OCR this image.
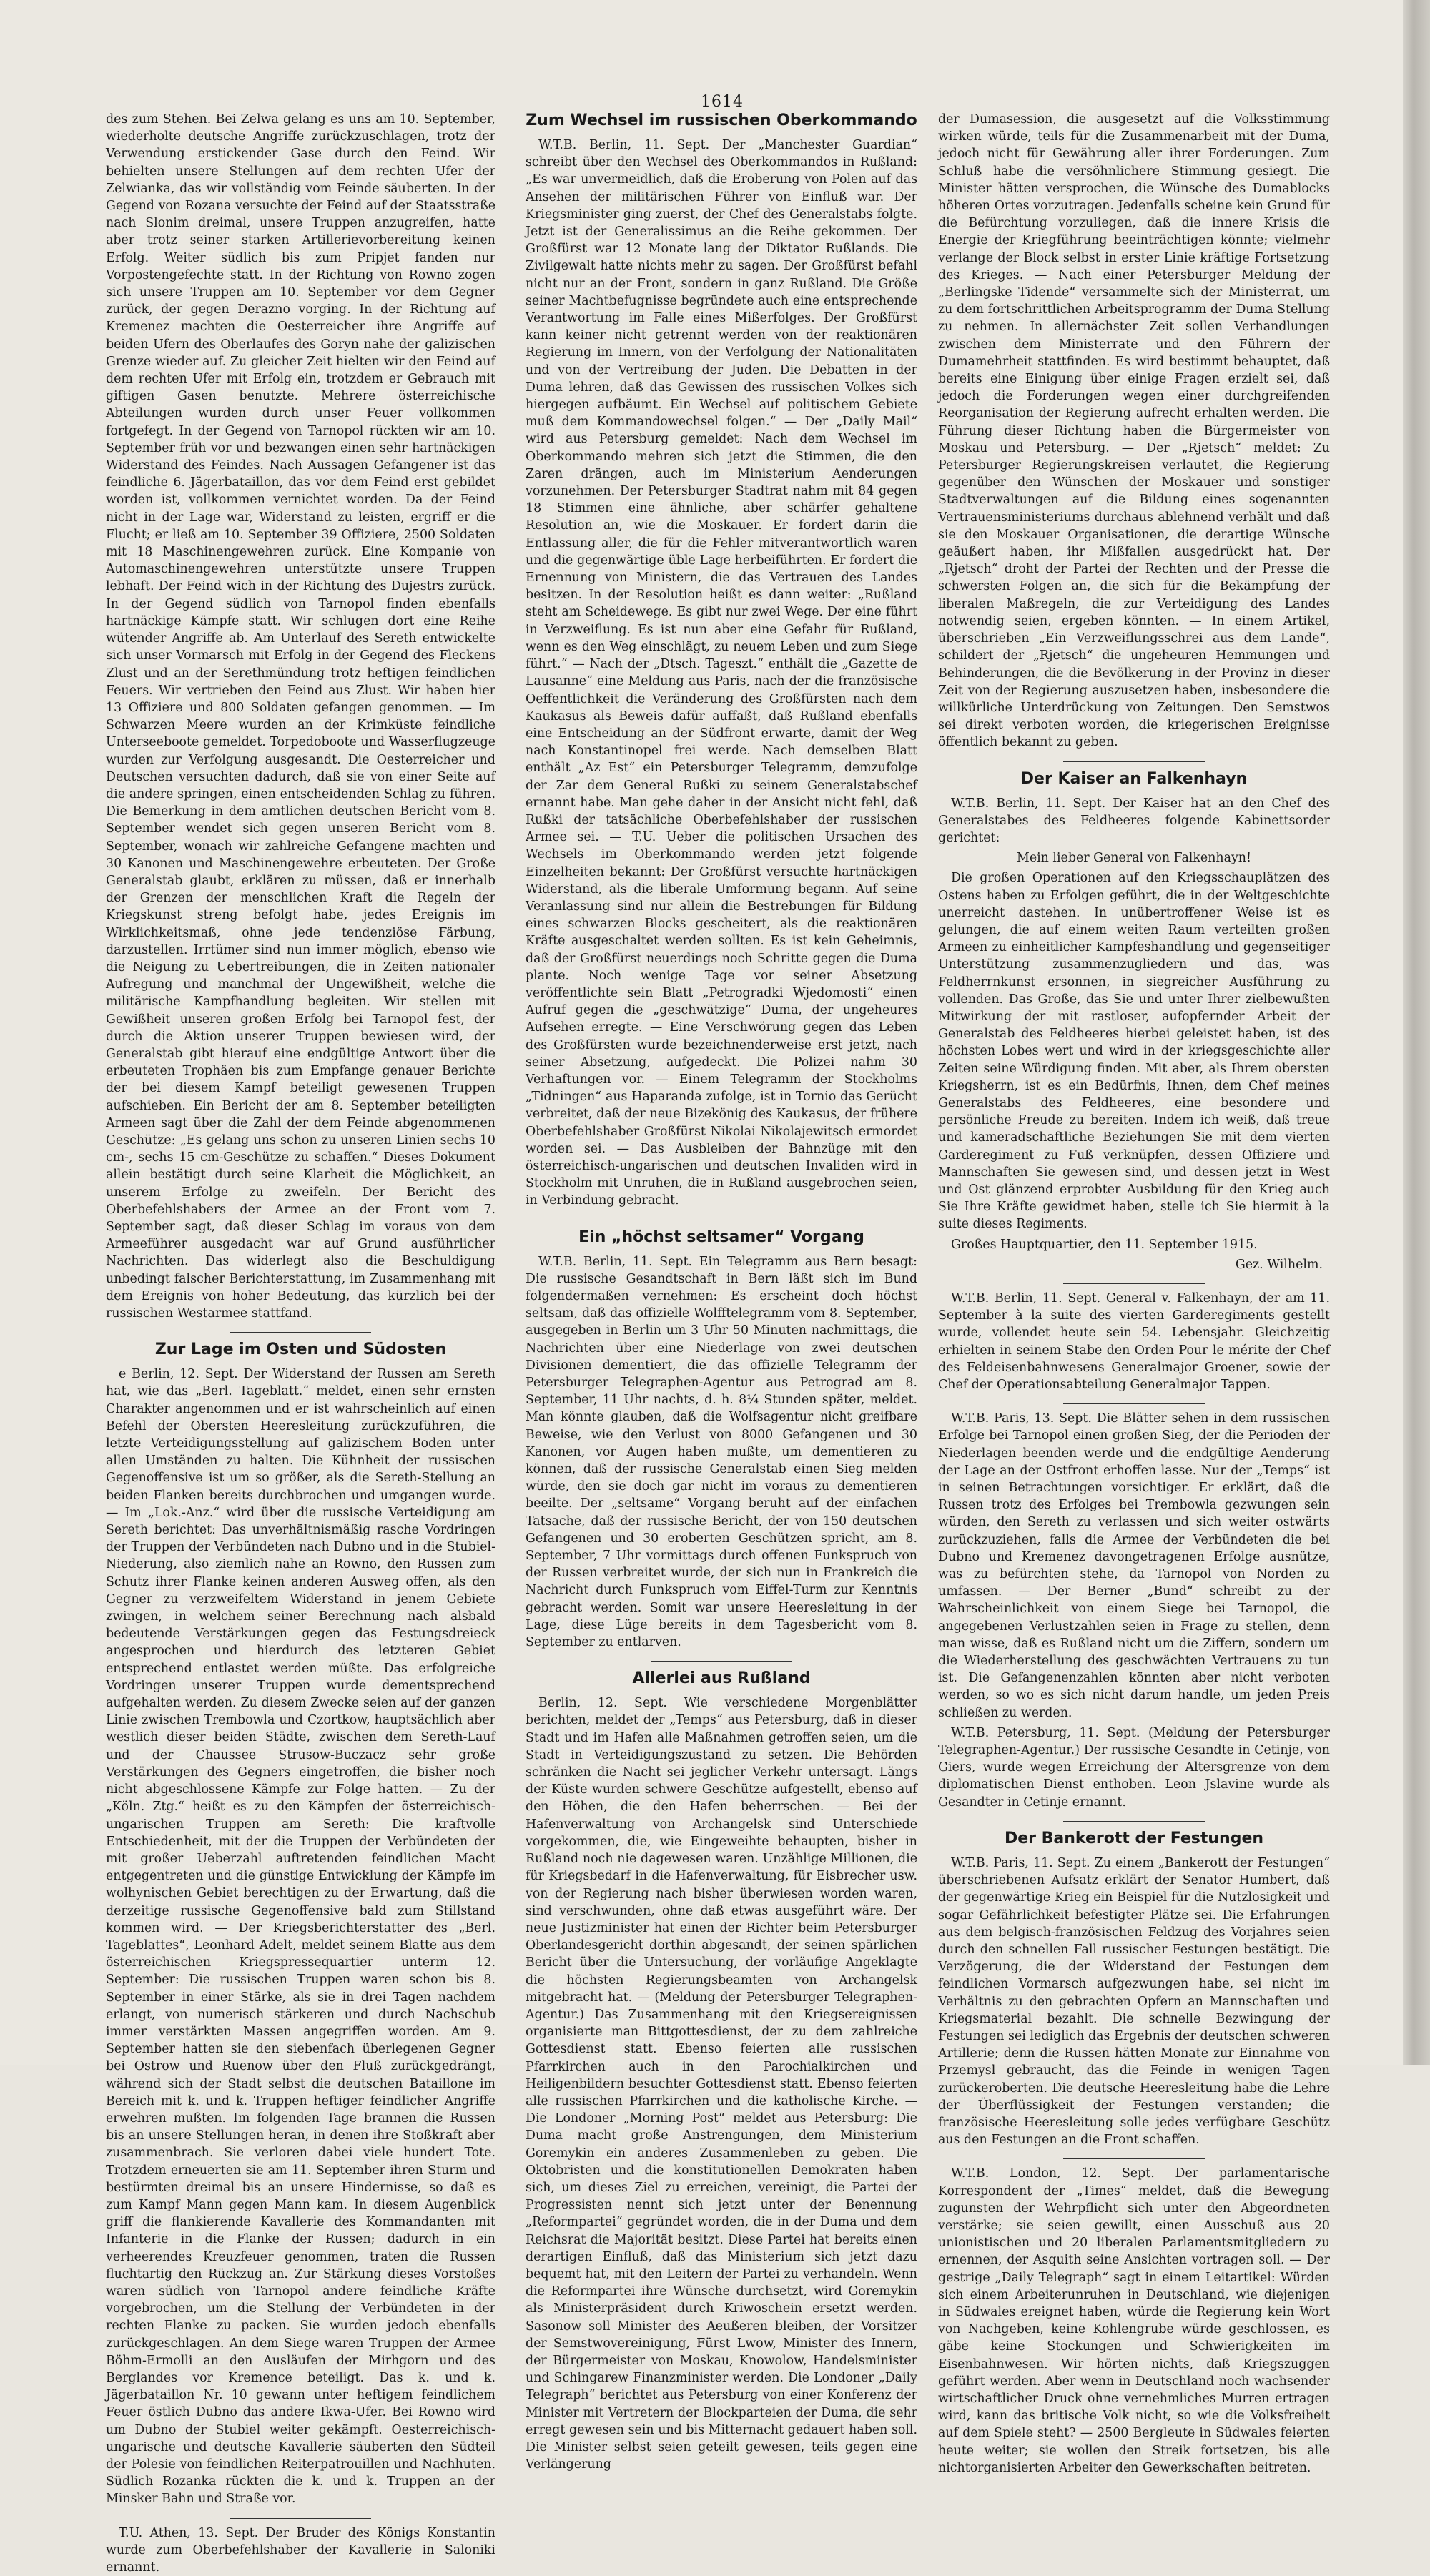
1614

des zum Stehen. Bei Zelwa gelang es uns am 10. September, wiederholte deutsche Angriffe zurückzuschlagen, trotz der Verwendung erstickender Gase durch den Feind. Wir behielten unsere Stellungen auf dem rechten Ufer der Zelwianka, das wir vollständig vom Feinde säuberten. In der Gegend von Rozana versuchte der Feind auf der Staatsstraße nach Slonim dreimal, unsere Truppen anzugreifen, hatte aber trotz seiner starken Artillerievorbereitung keinen Erfolg. Weiter südlich bis zum Pripjet fanden nur Vorpostengefechte statt. In der Richtung von Rowno zogen sich unsere Truppen am 10. September vor dem Gegner zurück, der gegen Derazno vorging. In der Richtung auf Kremenez machten die Oesterreicher ihre Angriffe auf beiden Ufern des Oberlaufes des Goryn nahe der galizischen Grenze wieder auf. Zu gleicher Zeit hielten wir den Feind auf dem rechten Ufer mit Erfolg ein, trotzdem er Gebrauch mit giftigen Gasen benutzte. Mehrere österreichische Abteilungen wurden durch unser Feuer vollkommen fortgefegt. In der Gegend von Tarnopol rückten wir am 10. September früh vor und bezwangen einen sehr hartnäckigen Widerstand des Feindes. Nach Aussagen Gefangener ist das feindliche 6. Jägerbataillon, das vor dem Feind erst gebildet worden ist, vollkommen vernichtet worden. Da der Feind nicht in der Lage war, Widerstand zu leisten, ergriff er die Flucht; er ließ am 10. September 39 Offiziere, 2500 Soldaten mit 18 Maschinengewehren zurück. Eine Kompanie von Automaschinengewehren unterstützte unsere Truppen lebhaft. Der Feind wich in der Richtung des Dujestrs zurück. In der Gegend südlich von Tarnopol finden ebenfalls hartnäckige Kämpfe statt. Wir schlugen dort eine Reihe wütender Angriffe ab. Am Unterlauf des Sereth entwickelte sich unser Vormarsch mit Erfolg in der Gegend des Fleckens Zlust und an der Serethmündung trotz heftigen feindlichen Feuers. Wir vertrieben den Feind aus Zlust. Wir haben hier 13 Offiziere und 800 Soldaten gefangen genommen. — Im Schwarzen Meere wurden an der Krimküste feindliche Unterseeboote gemeldet. Torpedoboote und Wasserflugzeuge wurden zur Verfolgung ausgesandt. Die Oesterreicher und Deutschen versuchten dadurch, daß sie von einer Seite auf die andere springen, einen entscheidenden Schlag zu führen. Die Bemerkung in dem amtlichen deutschen Bericht vom 8. September wendet sich gegen unseren Bericht vom 8. September, wonach wir zahlreiche Gefangene machten und 30 Kanonen und Maschinengewehre erbeuteten. Der Große Generalstab glaubt, erklären zu müssen, daß er innerhalb der Grenzen der menschlichen Kraft die Regeln der Kriegskunst streng befolgt habe, jedes Ereignis im Wirklichkeitsmaß, ohne jede tendenziöse Färbung, darzustellen. Irrtümer sind nun immer möglich, ebenso wie die Neigung zu Uebertreibungen, die in Zeiten nationaler Aufregung und manchmal der Ungewißheit, welche die militärische Kampfhandlung begleiten. Wir stellen mit Gewißheit unseren großen Erfolg bei Tarnopol fest, der durch die Aktion unserer Truppen bewiesen wird, der Generalstab gibt hierauf eine endgültige Antwort über die erbeuteten Trophäen bis zum Empfange genauer Berichte der bei diesem Kampf beteiligt gewesenen Truppen aufschieben. Ein Bericht der am 8. September beteiligten Armeen sagt über die Zahl der dem Feinde abgenommenen Geschütze: „Es gelang uns schon zu unseren Linien sechs 10 cm-, sechs 15 cm-Geschütze zu schaffen.“ Dieses Dokument allein bestätigt durch seine Klarheit die Möglichkeit, an unserem Erfolge zu zweifeln. Der Bericht des Oberbefehlshabers der Armee an der Front vom 7. September sagt, daß dieser Schlag im voraus von dem Armeeführer ausgedacht war auf Grund ausführlicher Nachrichten. Das widerlegt also die Beschuldigung unbedingt falscher Berichterstattung, im Zusammenhang mit dem Ereignis von hoher Bedeutung, das kürzlich bei der russischen Westarmee stattfand.

Zur Lage im Osten und Südosten

e Berlin, 12. Sept. Der Widerstand der Russen am Sereth hat, wie das „Berl. Tageblatt.“ meldet, einen sehr ernsten Charakter angenommen und er ist wahrscheinlich auf einen Befehl der Obersten Heeresleitung zurückzuführen, die letzte Verteidigungsstellung auf galizischem Boden unter allen Umständen zu halten. Die Kühnheit der russischen Gegenoffensive ist um so größer, als die Sereth-Stellung an beiden Flanken bereits durchbrochen und umgangen wurde. — Im „Lok.-Anz.“ wird über die russische Verteidigung am Sereth berichtet: Das unverhältnismäßig rasche Vordringen der Truppen der Verbündeten nach Dubno und in die Stubiel-Niederung, also ziemlich nahe an Rowno, den Russen zum Schutz ihrer Flanke keinen anderen Ausweg offen, als den Gegner zu verzweifeltem Widerstand in jenem Gebiete zwingen, in welchem seiner Berechnung nach alsbald bedeutende Verstärkungen gegen das Festungsdreieck angesprochen und hierdurch des letzteren Gebiet entsprechend entlastet werden müßte. Das erfolgreiche Vordringen unserer Truppen wurde dementsprechend aufgehalten werden. Zu diesem Zwecke seien auf der ganzen Linie zwischen Trembowla und Czortkow, hauptsächlich aber westlich dieser beiden Städte, zwischen dem Sereth-Lauf und der Chaussee Strusow-Buczacz sehr große Verstärkungen des Gegners eingetroffen, die bisher noch nicht abgeschlossene Kämpfe zur Folge hatten. — Zu der „Köln. Ztg.“ heißt es zu den Kämpfen der österreichisch-ungarischen Truppen am Sereth: Die kraftvolle Entschiedenheit, mit der die Truppen der Verbündeten der mit großer Ueberzahl auftretenden feindlichen Macht entgegentreten und die günstige Entwicklung der Kämpfe im wolhynischen Gebiet berechtigen zu der Erwartung, daß die derzeitige russische Gegenoffensive bald zum Stillstand kommen wird. — Der Kriegsberichterstatter des „Berl. Tageblattes“, Leonhard Adelt, meldet seinem Blatte aus dem österreichischen Kriegspressequartier unterm 12. September: Die russischen Truppen waren schon bis 8. September in einer Stärke, als sie in drei Tagen nachdem erlangt, von numerisch stärkeren und durch Nachschub immer verstärkten Massen angegriffen worden. Am 9. September hatten sie den siebenfach überlegenen Gegner bei Ostrow und Ruenow über den Fluß zurückgedrängt, während sich der Stadt selbst die deutschen Bataillone im Bereich mit k. und k. Truppen heftiger feindlicher Angriffe erwehren mußten. Im folgenden Tage brannen die Russen bis an unsere Stellungen heran, in denen ihre Stoßkraft aber zusammenbrach. Sie verloren dabei viele hundert Tote. Trotzdem erneuerten sie am 11. September ihren Sturm und bestürmten dreimal bis an unsere Hindernisse, so daß es zum Kampf Mann gegen Mann kam. In diesem Augenblick griff die flankierende Kavallerie des Kommandanten mit Infanterie in die Flanke der Russen; dadurch in ein verheerendes Kreuzfeuer genommen, traten die Russen fluchtartig den Rückzug an. Zur Stärkung dieses Vorstoßes waren südlich von Tarnopol andere feindliche Kräfte vorgebrochen, um die Stellung der Verbündeten in der rechten Flanke zu packen. Sie wurden jedoch ebenfalls zurückgeschlagen. An dem Siege waren Truppen der Armee Böhm-Ermolli an den Ausläufen der Mirhgorn und des Berglandes vor Kremence beteiligt. Das k. und k. Jägerbataillon Nr. 10 gewann unter heftigem feindlichem Feuer östlich Dubno das andere Ikwa-Ufer. Bei Rowno wird um Dubno der Stubiel weiter gekämpft. Oesterreichisch-ungarische und deutsche Kavallerie säuberten den Südteil der Polesie von feindlichen Reiterpatrouillen und Nachhuten. Südlich Rozanka rückten die k. und k. Truppen an der Minsker Bahn und Straße vor.

T.U. Athen, 13. Sept. Der Bruder des Königs Konstantin wurde zum Oberbefehlshaber der Kavallerie in Saloniki ernannt.

Zum Wechsel im russischen Oberkommando

W.T.B. Berlin, 11. Sept. Der „Manchester Guardian“ schreibt über den Wechsel des Oberkommandos in Rußland: „Es war unvermeidlich, daß die Eroberung von Polen auf das Ansehen der militärischen Führer von Einfluß war. Der Kriegsminister ging zuerst, der Chef des Generalstabs folgte. Jetzt ist der Generalissimus an die Reihe gekommen. Der Großfürst war 12 Monate lang der Diktator Rußlands. Die Zivilgewalt hatte nichts mehr zu sagen. Der Großfürst befahl nicht nur an der Front, sondern in ganz Rußland. Die Größe seiner Machtbefugnisse begründete auch eine entsprechende Verantwortung im Falle eines Mißerfolges. Der Großfürst kann keiner nicht getrennt werden von der reaktionären Regierung im Innern, von der Verfolgung der Nationalitäten und von der Vertreibung der Juden. Die Debatten in der Duma lehren, daß das Gewissen des russischen Volkes sich hiergegen aufbäumt. Ein Wechsel auf politischem Gebiete muß dem Kommandowechsel folgen.“ — Der „Daily Mail“ wird aus Petersburg gemeldet: Nach dem Wechsel im Oberkommando mehren sich jetzt die Stimmen, die den Zaren drängen, auch im Ministerium Aenderungen vorzunehmen. Der Petersburger Stadtrat nahm mit 84 gegen 18 Stimmen eine ähnliche, aber schärfer gehaltene Resolution an, wie die Moskauer. Er fordert darin die Entlassung aller, die für die Fehler mitverantwortlich waren und die gegenwärtige üble Lage herbeiführten. Er fordert die Ernennung von Ministern, die das Vertrauen des Landes besitzen. In der Resolution heißt es dann weiter: „Rußland steht am Scheidewege. Es gibt nur zwei Wege. Der eine führt in Verzweiflung. Es ist nun aber eine Gefahr für Rußland, wenn es den Weg einschlägt, zu neuem Leben und zum Siege führt.“ — Nach der „Dtsch. Tageszt.“ enthält die „Gazette de Lausanne“ eine Meldung aus Paris, nach der die französische Oeffentlichkeit die Veränderung des Großfürsten nach dem Kaukasus als Beweis dafür auffaßt, daß Rußland ebenfalls eine Entscheidung an der Südfront erwarte, damit der Weg nach Konstantinopel frei werde. Nach demselben Blatt enthält „Az Est“ ein Petersburger Telegramm, demzufolge der Zar dem General Rußki zu seinem Generalstabschef ernannt habe. Man gehe daher in der Ansicht nicht fehl, daß Rußki der tatsächliche Oberbefehlshaber der russischen Armee sei. — T.U. Ueber die politischen Ursachen des Wechsels im Oberkommando werden jetzt folgende Einzelheiten bekannt: Der Großfürst versuchte hartnäckigen Widerstand, als die liberale Umformung begann. Auf seine Veranlassung sind nur allein die Bestrebungen für Bildung eines schwarzen Blocks gescheitert, als die reaktionären Kräfte ausgeschaltet werden sollten. Es ist kein Geheimnis, daß der Großfürst neuerdings noch Schritte gegen die Duma plante. Noch wenige Tage vor seiner Absetzung veröffentlichte sein Blatt „Petrogradki Wjedomosti“ einen Aufruf gegen die „geschwätzige“ Duma, der ungeheures Aufsehen erregte. — Eine Verschwörung gegen das Leben des Großfürsten wurde bezeichnenderweise erst jetzt, nach seiner Absetzung, aufgedeckt. Die Polizei nahm 30 Verhaftungen vor. — Einem Telegramm der Stockholms „Tidningen“ aus Haparanda zufolge, ist in Tornio das Gerücht verbreitet, daß der neue Bizekönig des Kaukasus, der frühere Oberbefehlshaber Großfürst Nikolai Nikolajewitsch ermordet worden sei. — Das Ausbleiben der Bahnzüge mit den österreichisch-ungarischen und deutschen Invaliden wird in Stockholm mit Unruhen, die in Rußland ausgebrochen seien, in Verbindung gebracht.

Ein „höchst seltsamer“ Vorgang

W.T.B. Berlin, 11. Sept. Ein Telegramm aus Bern besagt: Die russische Gesandtschaft in Bern läßt sich im Bund folgendermaßen vernehmen: Es erscheint doch höchst seltsam, daß das offizielle Wolfftelegramm vom 8. September, ausgegeben in Berlin um 3 Uhr 50 Minuten nachmittags, die Nachrichten über eine Niederlage von zwei deutschen Divisionen dementiert, die das offizielle Telegramm der Petersburger Telegraphen-Agentur aus Petrograd am 8. September, 11 Uhr nachts, d. h. 8¼ Stunden später, meldet. Man könnte glauben, daß die Wolfsagentur nicht greifbare Beweise, wie den Verlust von 8000 Gefangenen und 30 Kanonen, vor Augen haben mußte, um dementieren zu können, daß der russische Generalstab einen Sieg melden würde, den sie doch gar nicht im voraus zu dementieren beeilte. Der „seltsame“ Vorgang beruht auf der einfachen Tatsache, daß der russische Bericht, der von 150 deutschen Gefangenen und 30 eroberten Geschützen spricht, am 8. September, 7 Uhr vormittags durch offenen Funkspruch von der Russen verbreitet wurde, der sich nun in Frankreich die Nachricht durch Funkspruch vom Eiffel-Turm zur Kenntnis gebracht werden. Somit war unsere Heeresleitung in der Lage, diese Lüge bereits in dem Tagesbericht vom 8. September zu entlarven.

Allerlei aus Rußland

Berlin, 12. Sept. Wie verschiedene Morgenblätter berichten, meldet der „Temps“ aus Petersburg, daß in dieser Stadt und im Hafen alle Maßnahmen getroffen seien, um die Stadt in Verteidigungszustand zu setzen. Die Behörden schränken die Nacht sei jeglicher Verkehr untersagt. Längs der Küste wurden schwere Geschütze aufgestellt, ebenso auf den Höhen, die den Hafen beherrschen. — Bei der Hafenverwaltung von Archangelsk sind Unterschiede vorgekommen, die, wie Eingeweihte behaupten, bisher in Rußland noch nie dagewesen waren. Unzählige Millionen, die für Kriegsbedarf in die Hafenverwaltung, für Eisbrecher usw. von der Regierung nach bisher überwiesen worden waren, sind verschwunden, ohne daß etwas ausgeführt wäre. Der neue Justizminister hat einen der Richter beim Petersburger Oberlandesgericht dorthin abgesandt, der seinen spärlichen Bericht über die Untersuchung, der vorläufige Angeklagte die höchsten Regierungsbeamten von Archangelsk mitgebracht hat. — (Meldung der Petersburger Telegraphen-Agentur.) Das Zusammenhang mit den Kriegsereignissen organisierte man Bittgottesdienst, der zu dem zahlreiche Gottesdienst statt. Ebenso feierten alle russischen Pfarrkirchen auch in den Parochialkirchen und Heiligenbildern besuchter Gottesdienst statt. Ebenso feierten alle russischen Pfarrkirchen und die katholische Kirche. — Die Londoner „Morning Post“ meldet aus Petersburg: Die Duma macht große Anstrengungen, dem Ministerium Goremykin ein anderes Zusammenleben zu geben. Die Oktobristen und die konstitutionellen Demokraten haben sich, um dieses Ziel zu erreichen, vereinigt, die Partei der Progressisten nennt sich jetzt unter der Benennung „Reformpartei“ gegründet worden, die in der Duma und dem Reichsrat die Majorität besitzt. Diese Partei hat bereits einen derartigen Einfluß, daß das Ministerium sich jetzt dazu bequemt hat, mit den Leitern der Partei zu verhandeln. Wenn die Reformpartei ihre Wünsche durchsetzt, wird Goremykin als Ministerpräsident durch Kriwoschein ersetzt werden. Sasonow soll Minister des Aeußeren bleiben, der Vorsitzer der Semstwovereinigung, Fürst Lwow, Minister des Innern, der Bürgermeister von Moskau, Knowolow, Handelsminister und Schingarew Finanzminister werden. Die Londoner „Daily Telegraph“ berichtet aus Petersburg von einer Konferenz der Minister mit Vertretern der Blockparteien der Duma, die sehr erregt gewesen sein und bis Mitternacht gedauert haben soll. Die Minister selbst seien geteilt gewesen, teils gegen eine Verlängerung

der Dumasession, die ausgesetzt auf die Volksstimmung wirken würde, teils für die Zusammenarbeit mit der Duma, jedoch nicht für Gewährung aller ihrer Forderungen. Zum Schluß habe die versöhnlichere Stimmung gesiegt. Die Minister hätten versprochen, die Wünsche des Dumablocks höheren Ortes vorzutragen. Jedenfalls scheine kein Grund für die Befürchtung vorzuliegen, daß die innere Krisis die Energie der Kriegführung beeinträchtigen könnte; vielmehr verlange der Block selbst in erster Linie kräftige Fortsetzung des Krieges. — Nach einer Petersburger Meldung der „Berlingske Tidende“ versammelte sich der Ministerrat, um zu dem fortschrittlichen Arbeitsprogramm der Duma Stellung zu nehmen. In allernächster Zeit sollen Verhandlungen zwischen dem Ministerrate und den Führern der Dumamehrheit stattfinden. Es wird bestimmt behauptet, daß bereits eine Einigung über einige Fragen erzielt sei, daß jedoch die Forderungen wegen einer durchgreifenden Reorganisation der Regierung aufrecht erhalten werden. Die Führung dieser Richtung haben die Bürgermeister von Moskau und Petersburg. — Der „Rjetsch“ meldet: Zu Petersburger Regierungskreisen verlautet, die Regierung gegenüber den Wünschen der Moskauer und sonstiger Stadtverwaltungen auf die Bildung eines sogenannten Vertrauensministeriums durchaus ablehnend verhält und daß sie den Moskauer Organisationen, die derartige Wünsche geäußert haben, ihr Mißfallen ausgedrückt hat. Der „Rjetsch“ droht der Partei der Rechten und der Presse die schwersten Folgen an, die sich für die Bekämpfung der liberalen Maßregeln, die zur Verteidigung des Landes notwendig seien, ergeben könnten. — In einem Artikel, überschrieben „Ein Verzweiflungsschrei aus dem Lande“, schildert der „Rjetsch“ die ungeheuren Hemmungen und Behinderungen, die die Bevölkerung in der Provinz in dieser Zeit von der Regierung auszusetzen haben, insbesondere die willkürliche Unterdrückung von Zeitungen. Den Semstwos sei direkt verboten worden, die kriegerischen Ereignisse öffentlich bekannt zu geben.

Der Kaiser an Falkenhayn

W.T.B. Berlin, 11. Sept. Der Kaiser hat an den Chef des Generalstabes des Feldheeres folgende Kabinettsorder gerichtet:

Mein lieber General von Falkenhayn!

Die großen Operationen auf den Kriegsschauplätzen des Ostens haben zu Erfolgen geführt, die in der Weltgeschichte unerreicht dastehen. In unübertroffener Weise ist es gelungen, die auf einem weiten Raum verteilten großen Armeen zu einheitlicher Kampfeshandlung und gegenseitiger Unterstützung zusammenzugliedern und das, was Feldherrnkunst ersonnen, in siegreicher Ausführung zu vollenden. Das Große, das Sie und unter Ihrer zielbewußten Mitwirkung der mit rastloser, aufopfernder Arbeit der Generalstab des Feldheeres hierbei geleistet haben, ist des höchsten Lobes wert und wird in der kriegsgeschichte aller Zeiten seine Würdigung finden. Mit aber, als Ihrem obersten Kriegsherrn, ist es ein Bedürfnis, Ihnen, dem Chef meines Generalstabs des Feldheeres, eine besondere und persönliche Freude zu bereiten. Indem ich weiß, daß treue und kameradschaftliche Beziehungen Sie mit dem vierten Garderegiment zu Fuß verknüpfen, dessen Offiziere und Mannschaften Sie gewesen sind, und dessen jetzt in West und Ost glänzend erprobter Ausbildung für den Krieg auch Sie Ihre Kräfte gewidmet haben, stelle ich Sie hiermit à la suite dieses Regiments.

Großes Hauptquartier, den 11. September 1915.

Gez. Wilhelm.

W.T.B. Berlin, 11. Sept. General v. Falkenhayn, der am 11. September à la suite des vierten Garderegiments gestellt wurde, vollendet heute sein 54. Lebensjahr. Gleichzeitig erhielten in seinem Stabe den Orden Pour le mérite der Chef des Feldeisenbahnwesens Generalmajor Groener, sowie der Chef der Operationsabteilung Generalmajor Tappen.

W.T.B. Paris, 13. Sept. Die Blätter sehen in dem russischen Erfolge bei Tarnopol einen großen Sieg, der die Perioden der Niederlagen beenden werde und die endgültige Aenderung der Lage an der Ostfront erhoffen lasse. Nur der „Temps“ ist in seinen Betrachtungen vorsichtiger. Er erklärt, daß die Russen trotz des Erfolges bei Trembowla gezwungen sein würden, den Sereth zu verlassen und sich weiter ostwärts zurückzuziehen, falls die Armee der Verbündeten die bei Dubno und Kremenez davongetragenen Erfolge ausnütze, was zu befürchten stehe, da Tarnopol von Norden zu umfassen. — Der Berner „Bund“ schreibt zu der Wahrscheinlichkeit von einem Siege bei Tarnopol, die angegebenen Verlustzahlen seien in Frage zu stellen, denn man wisse, daß es Rußland nicht um die Ziffern, sondern um die Wiederherstellung des geschwächten Vertrauens zu tun ist. Die Gefangenenzahlen könnten aber nicht verboten werden, so wo es sich nicht darum handle, um jeden Preis schließen zu werden.

W.T.B. Petersburg, 11. Sept. (Meldung der Petersburger Telegraphen-Agentur.) Der russische Gesandte in Cetinje, von Giers, wurde wegen Erreichung der Altersgrenze von dem diplomatischen Dienst enthoben. Leon Jslavine wurde als Gesandter in Cetinje ernannt.

Der Bankerott der Festungen

W.T.B. Paris, 11. Sept. Zu einem „Bankerott der Festungen“ überschriebenen Aufsatz erklärt der Senator Humbert, daß der gegenwärtige Krieg ein Beispiel für die Nutzlosigkeit und sogar Gefährlichkeit befestigter Plätze sei. Die Erfahrungen aus dem belgisch-französischen Feldzug des Vorjahres seien durch den schnellen Fall russischer Festungen bestätigt. Die Verzögerung, die der Widerstand der Festungen dem feindlichen Vormarsch aufgezwungen habe, sei nicht im Verhältnis zu den gebrachten Opfern an Mannschaften und Kriegsmaterial bezahlt. Die schnelle Bezwingung der Festungen sei lediglich das Ergebnis der deutschen schweren Artillerie; denn die Russen hätten Monate zur Einnahme von Przemysl gebraucht, das die Feinde in wenigen Tagen zurückeroberten. Die deutsche Heeresleitung habe die Lehre der Überflüssigkeit der Festungen verstanden; die französische Heeresleitung solle jedes verfügbare Geschütz aus den Festungen an die Front schaffen.

W.T.B. London, 12. Sept. Der parlamentarische Korrespondent der „Times“ meldet, daß die Bewegung zugunsten der Wehrpflicht sich unter den Abgeordneten verstärke; sie seien gewillt, einen Ausschuß aus 20 unionistischen und 20 liberalen Parlamentsmitgliedern zu ernennen, der Asquith seine Ansichten vortragen soll. — Der gestrige „Daily Telegraph“ sagt in einem Leitartikel: Würden sich einem Arbeiterunruhen in Deutschland, wie diejenigen in Südwales ereignet haben, würde die Regierung kein Wort von Nachgeben, keine Kohlengrube würde geschlossen, es gäbe keine Stockungen und Schwierigkeiten im Eisenbahnwesen. Wir hörten nichts, daß Kriegszuggen geführt werden. Aber wenn in Deutschland noch wachsender wirtschaftlicher Druck ohne vernehmliches Murren ertragen wird, kann das britische Volk nicht, so wie die Volksfreiheit auf dem Spiele steht? — 2500 Bergleute in Südwales feierten heute weiter; sie wollen den Streik fortsetzen, bis alle nichtorganisierten Arbeiter den Gewerkschaften beitreten.
